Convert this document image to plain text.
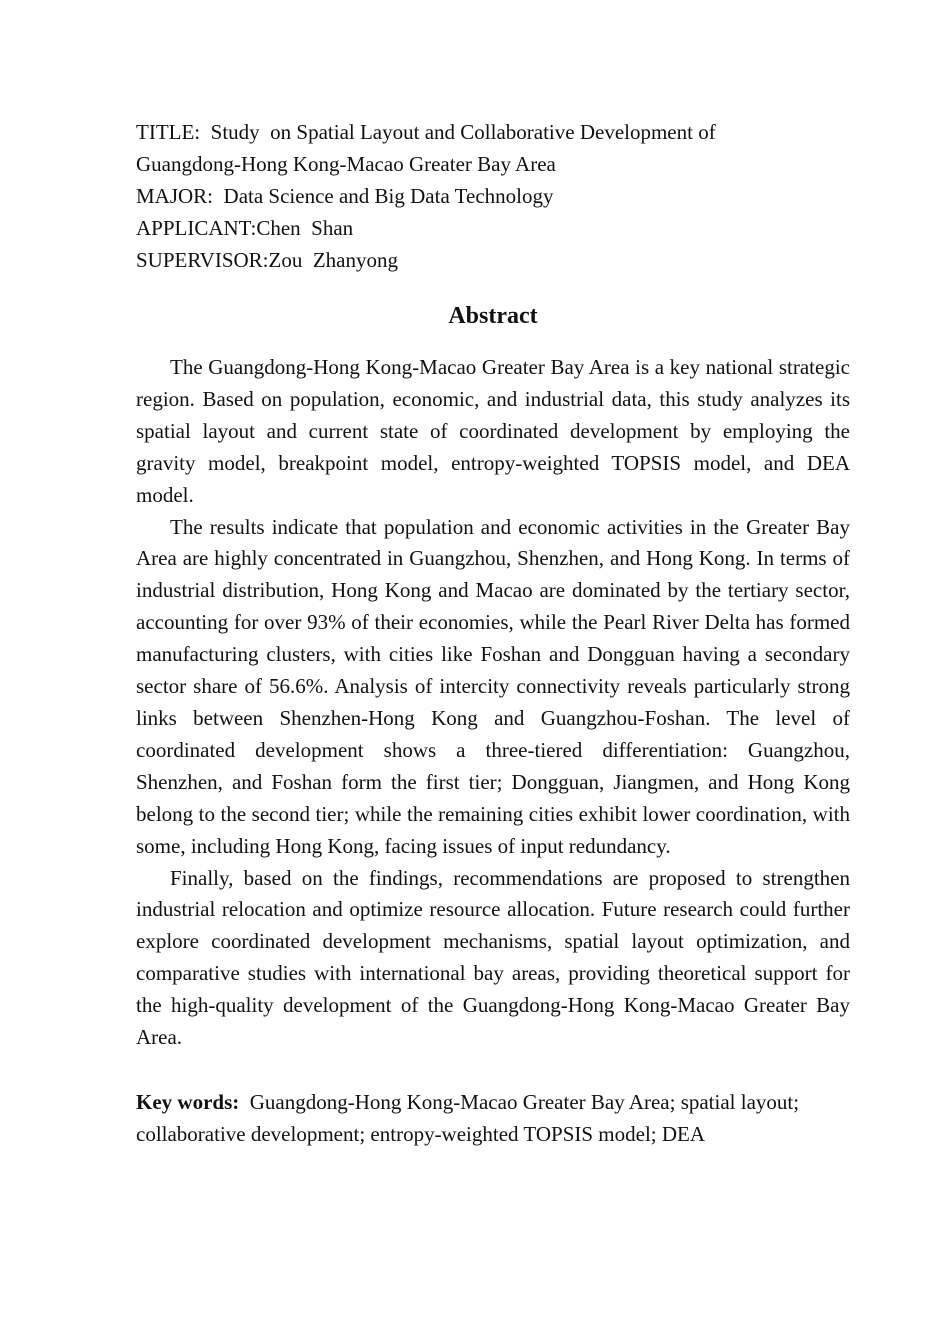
TITLE:  Study  on Spatial Layout and Collaborative Development of

Guangdong-Hong Kong-Macao Greater Bay Area

MAJOR:  Data Science and Big Data Technology

APPLICANT:Chen  Shan

SUPERVISOR:Zou  Zhanyong

Abstract

The Guangdong-Hong Kong-Macao Greater Bay Area is a key national strategic region. Based on population, economic, and industrial data, this study analyzes its spatial layout and current state of coordinated development by employing the gravity model, breakpoint model, entropy-weighted TOPSIS model, and DEA model.

The results indicate that population and economic activities in the Greater Bay Area are highly concentrated in Guangzhou, Shenzhen, and Hong Kong. In terms of industrial distribution, Hong Kong and Macao are dominated by the tertiary sector, accounting for over 93% of their economies, while the Pearl River Delta has formed manufacturing clusters, with cities like Foshan and Dongguan having a secondary sector share of 56.6%. Analysis of intercity connectivity reveals particularly strong links between Shenzhen-Hong Kong and Guangzhou-Foshan. The level of coordinated development shows a three-tiered differentiation: Guangzhou, Shenzhen, and Foshan form the first tier; Dongguan, Jiangmen, and Hong Kong belong to the second tier; while the remaining cities exhibit lower coordination, with some, including Hong Kong, facing issues of input redundancy.

Finally, based on the findings, recommendations are proposed to strengthen industrial relocation and optimize resource allocation. Future research could further explore coordinated development mechanisms, spatial layout optimization, and comparative studies with international bay areas, providing theoretical support for the high-quality development of the Guangdong-Hong Kong-Macao Greater Bay Area.

Key words: Guangdong-Hong Kong-Macao Greater Bay Area; spatial layout;
collaborative development; entropy-weighted TOPSIS model; DEA
